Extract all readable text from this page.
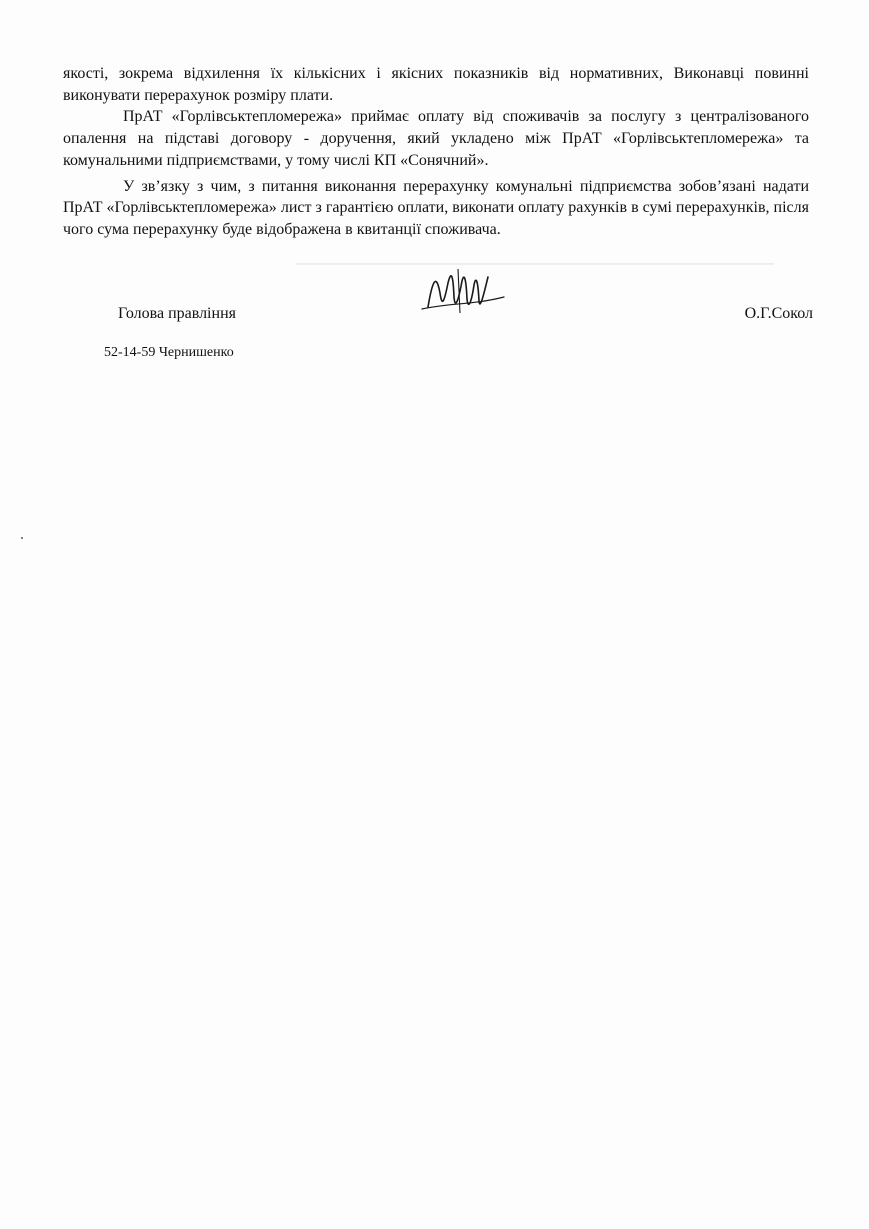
──────────────────────────────────────────────────

якості, зокрема відхилення їх кількісних і якісних показників від нормативних, Виконавці повинні виконувати перерахунок розміру плати.

ПрАТ «Горлівськтепломережа» приймає оплату від споживачів за послугу з централізованого опалення на підставі договору - доручення, який укладено між ПрАТ «Горлівськтепломережа» та комунальними підприємствами, у тому числі КП «Сонячний».

У зв’язку з чим, з питання виконання перерахунку комунальні підприємства зобов’язані надати ПрАТ «Горлівськтепломережа» лист з гарантією оплати, виконати оплату рахунків в сумі перерахунків, після чого сума перерахунку буде відображена в квитанції споживача.

Голова правління	О.Г.Сокол
52-14-59 Чернишенко
